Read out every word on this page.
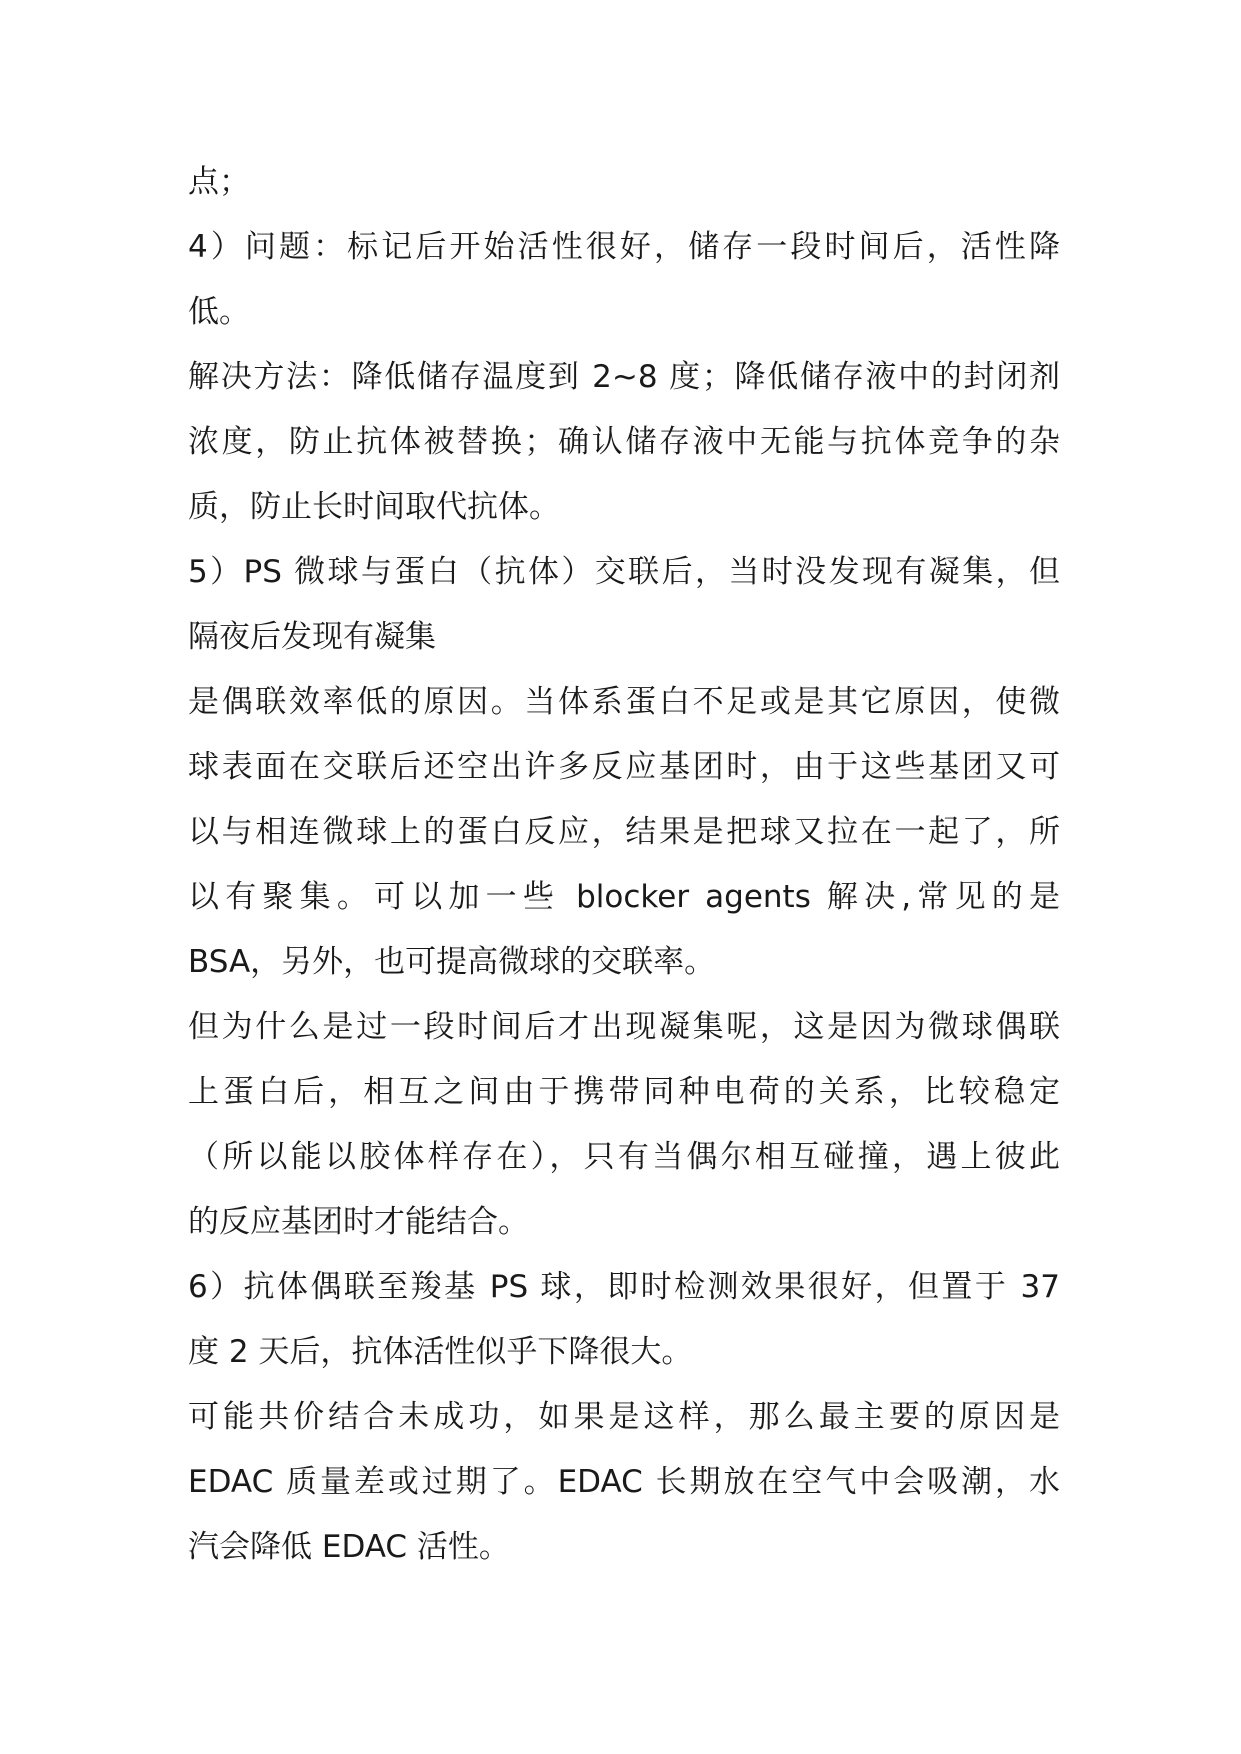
点；
4）问题：标记后开始活性很好，储存一段时间后，活性降
低。
解决方法：降低储存温度到 2~8 度；降低储存液中的封闭剂
浓度，防止抗体被替换；确认储存液中无能与抗体竞争的杂
质，防止长时间取代抗体。
5）PS 微球与蛋白（抗体）交联后，当时没发现有凝集，但
隔夜后发现有凝集
是偶联效率低的原因。当体系蛋白不足或是其它原因，使微
球表面在交联后还空出许多反应基团时，由于这些基团又可
以与相连微球上的蛋白反应，结果是把球又拉在一起了，所
以有聚集。可以加一些 blocker agents 解决,常见的是
BSA，另外，也可提高微球的交联率。
但为什么是过一段时间后才出现凝集呢，这是因为微球偶联
上蛋白后，相互之间由于携带同种电荷的关系，比较稳定
（所以能以胶体样存在），只有当偶尔相互碰撞，遇上彼此
的反应基团时才能结合。
6）抗体偶联至羧基 PS 球，即时检测效果很好，但置于 37
度 2 天后，抗体活性似乎下降很大。
可能共价结合未成功，如果是这样，那么最主要的原因是
EDAC 质量差或过期了。EDAC 长期放在空气中会吸潮，水
汽会降低 EDAC 活性。
